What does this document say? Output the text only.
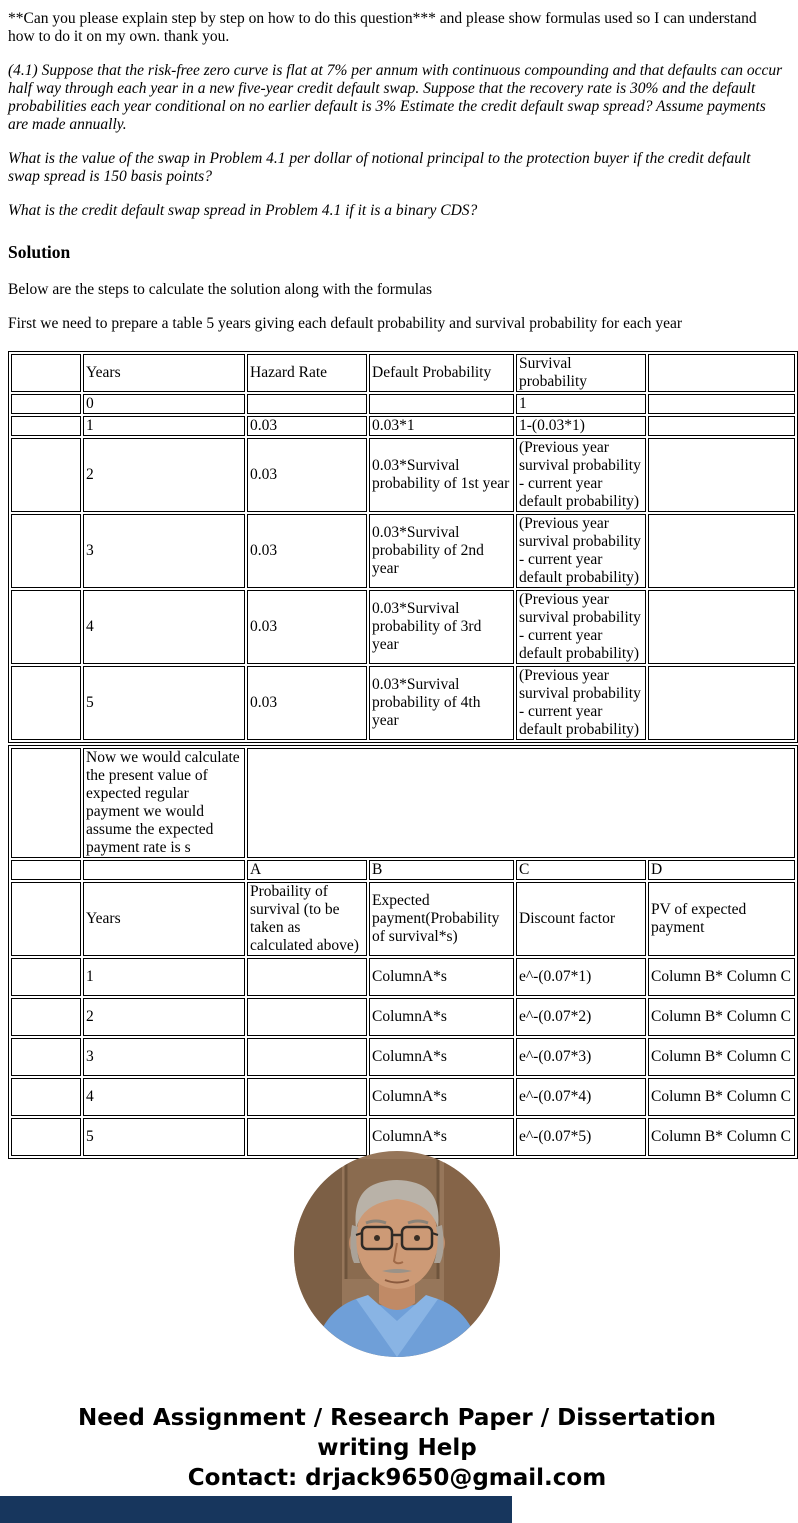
**Can you please explain step by step on how to do this question*** and please show formulas used so I can understand how to do it on my own. thank you.

(4.1) Suppose that the risk-free zero curve is flat at 7% per annum with continuous compounding and that defaults can occur half way through each year in a new five-year credit default swap. Suppose that the recovery rate is 30% and the default probabilities each year conditional on no earlier default is 3% Estimate the credit default swap spread? Assume payments are made annually.

What is the value of the swap in Problem 4.1 per dollar of notional principal to the protection buyer if the credit default swap spread is 150 basis points?

What is the credit default swap spread in Problem 4.1 if it is a binary CDS?

Solution

Below are the steps to calculate the solution along with the formulas

First we need to prepare a table 5 years giving each default probability and survival probability for each year

	Years	Hazard Rate	Default Probability	Survival probability	
	0			1	
	1	0.03	0.03*1	1-(0.03*1)	
	2	0.03	0.03*Survival probability of 1st year	(Previous year survival probability - current year default probability)	
	3	0.03	0.03*Survival probability of 2nd year	(Previous year survival probability - current year default probability)	
	4	0.03	0.03*Survival probability of 3rd year	(Previous year survival probability - current year default probability)	
	5	0.03	0.03*Survival probability of 4th year	(Previous year survival probability - current year default probability)	
	Now we would calculate the present value of expected regular payment we would assume the expected payment rate is s				
		A	B	C	D
	Years	Probaility of survival (to be taken as calculated above)	Expected payment(Probability of survival*s)	Discount factor	PV of expected payment
	1		ColumnA*s	e^-(0.07*1)	Column B* Column C
	2		ColumnA*s	e^-(0.07*2)	Column B* Column C
	3		ColumnA*s	e^-(0.07*3)	Column B* Column C
	4		ColumnA*s	e^-(0.07*4)	Column B* Column C
	5		ColumnA*s	e^-(0.07*5)	Column B* Column C
Need Assignment / Research Paper / Dissertation
writing Help
Contact: drjack9650@gmail.com
